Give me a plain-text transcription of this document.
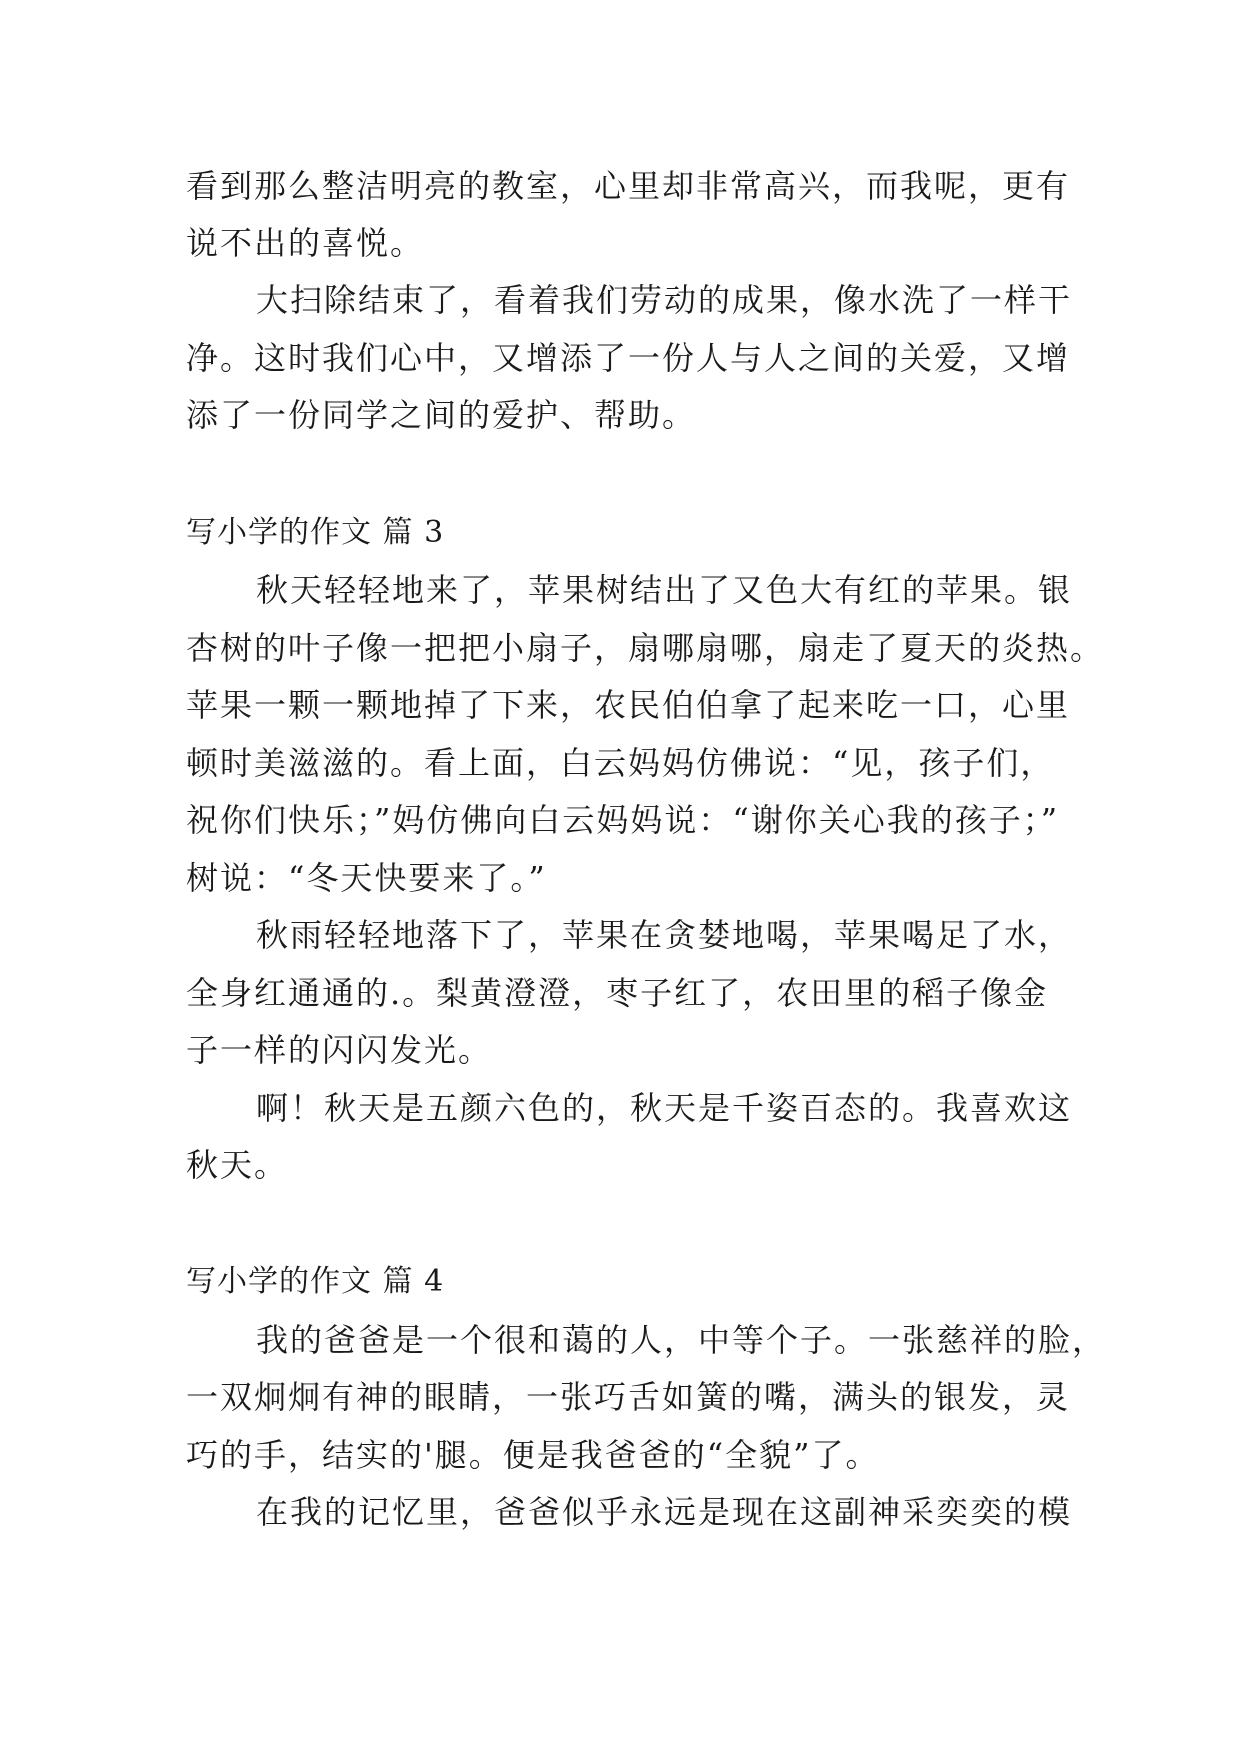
看到那么整洁明亮的教室，心里却非常高兴，而我呢，更有
说不出的喜悦。
大扫除结束了，看着我们劳动的成果，像水洗了一样干
净。这时我们心中，又增添了一份人与人之间的关爱，又增
添了一份同学之间的爱护、帮助。
写小学的作文 篇 3
秋天轻轻地来了，苹果树结出了又色大有红的苹果。银
杏树的叶子像一把把小扇子，扇哪扇哪，扇走了夏天的炎热。
苹果一颗一颗地掉了下来，农民伯伯拿了起来吃一口，心里
顿时美滋滋的。看上面，白云妈妈仿佛说：“见，孩子们，
祝你们快乐；”妈仿佛向白云妈妈说：“谢你关心我的孩子；”
树说：“冬天快要来了。”
秋雨轻轻地落下了，苹果在贪婪地喝，苹果喝足了水，
全身红通通的.。梨黄澄澄，枣子红了，农田里的稻子像金
子一样的闪闪发光。
啊！秋天是五颜六色的，秋天是千姿百态的。我喜欢这
秋天。
写小学的作文 篇 4
我的爸爸是一个很和蔼的人，中等个子。一张慈祥的脸，
一双炯炯有神的眼睛，一张巧舌如簧的嘴，满头的银发，灵
巧的手，结实的'腿。便是我爸爸的“全貌”了。
在我的记忆里，爸爸似乎永远是现在这副神采奕奕的模
